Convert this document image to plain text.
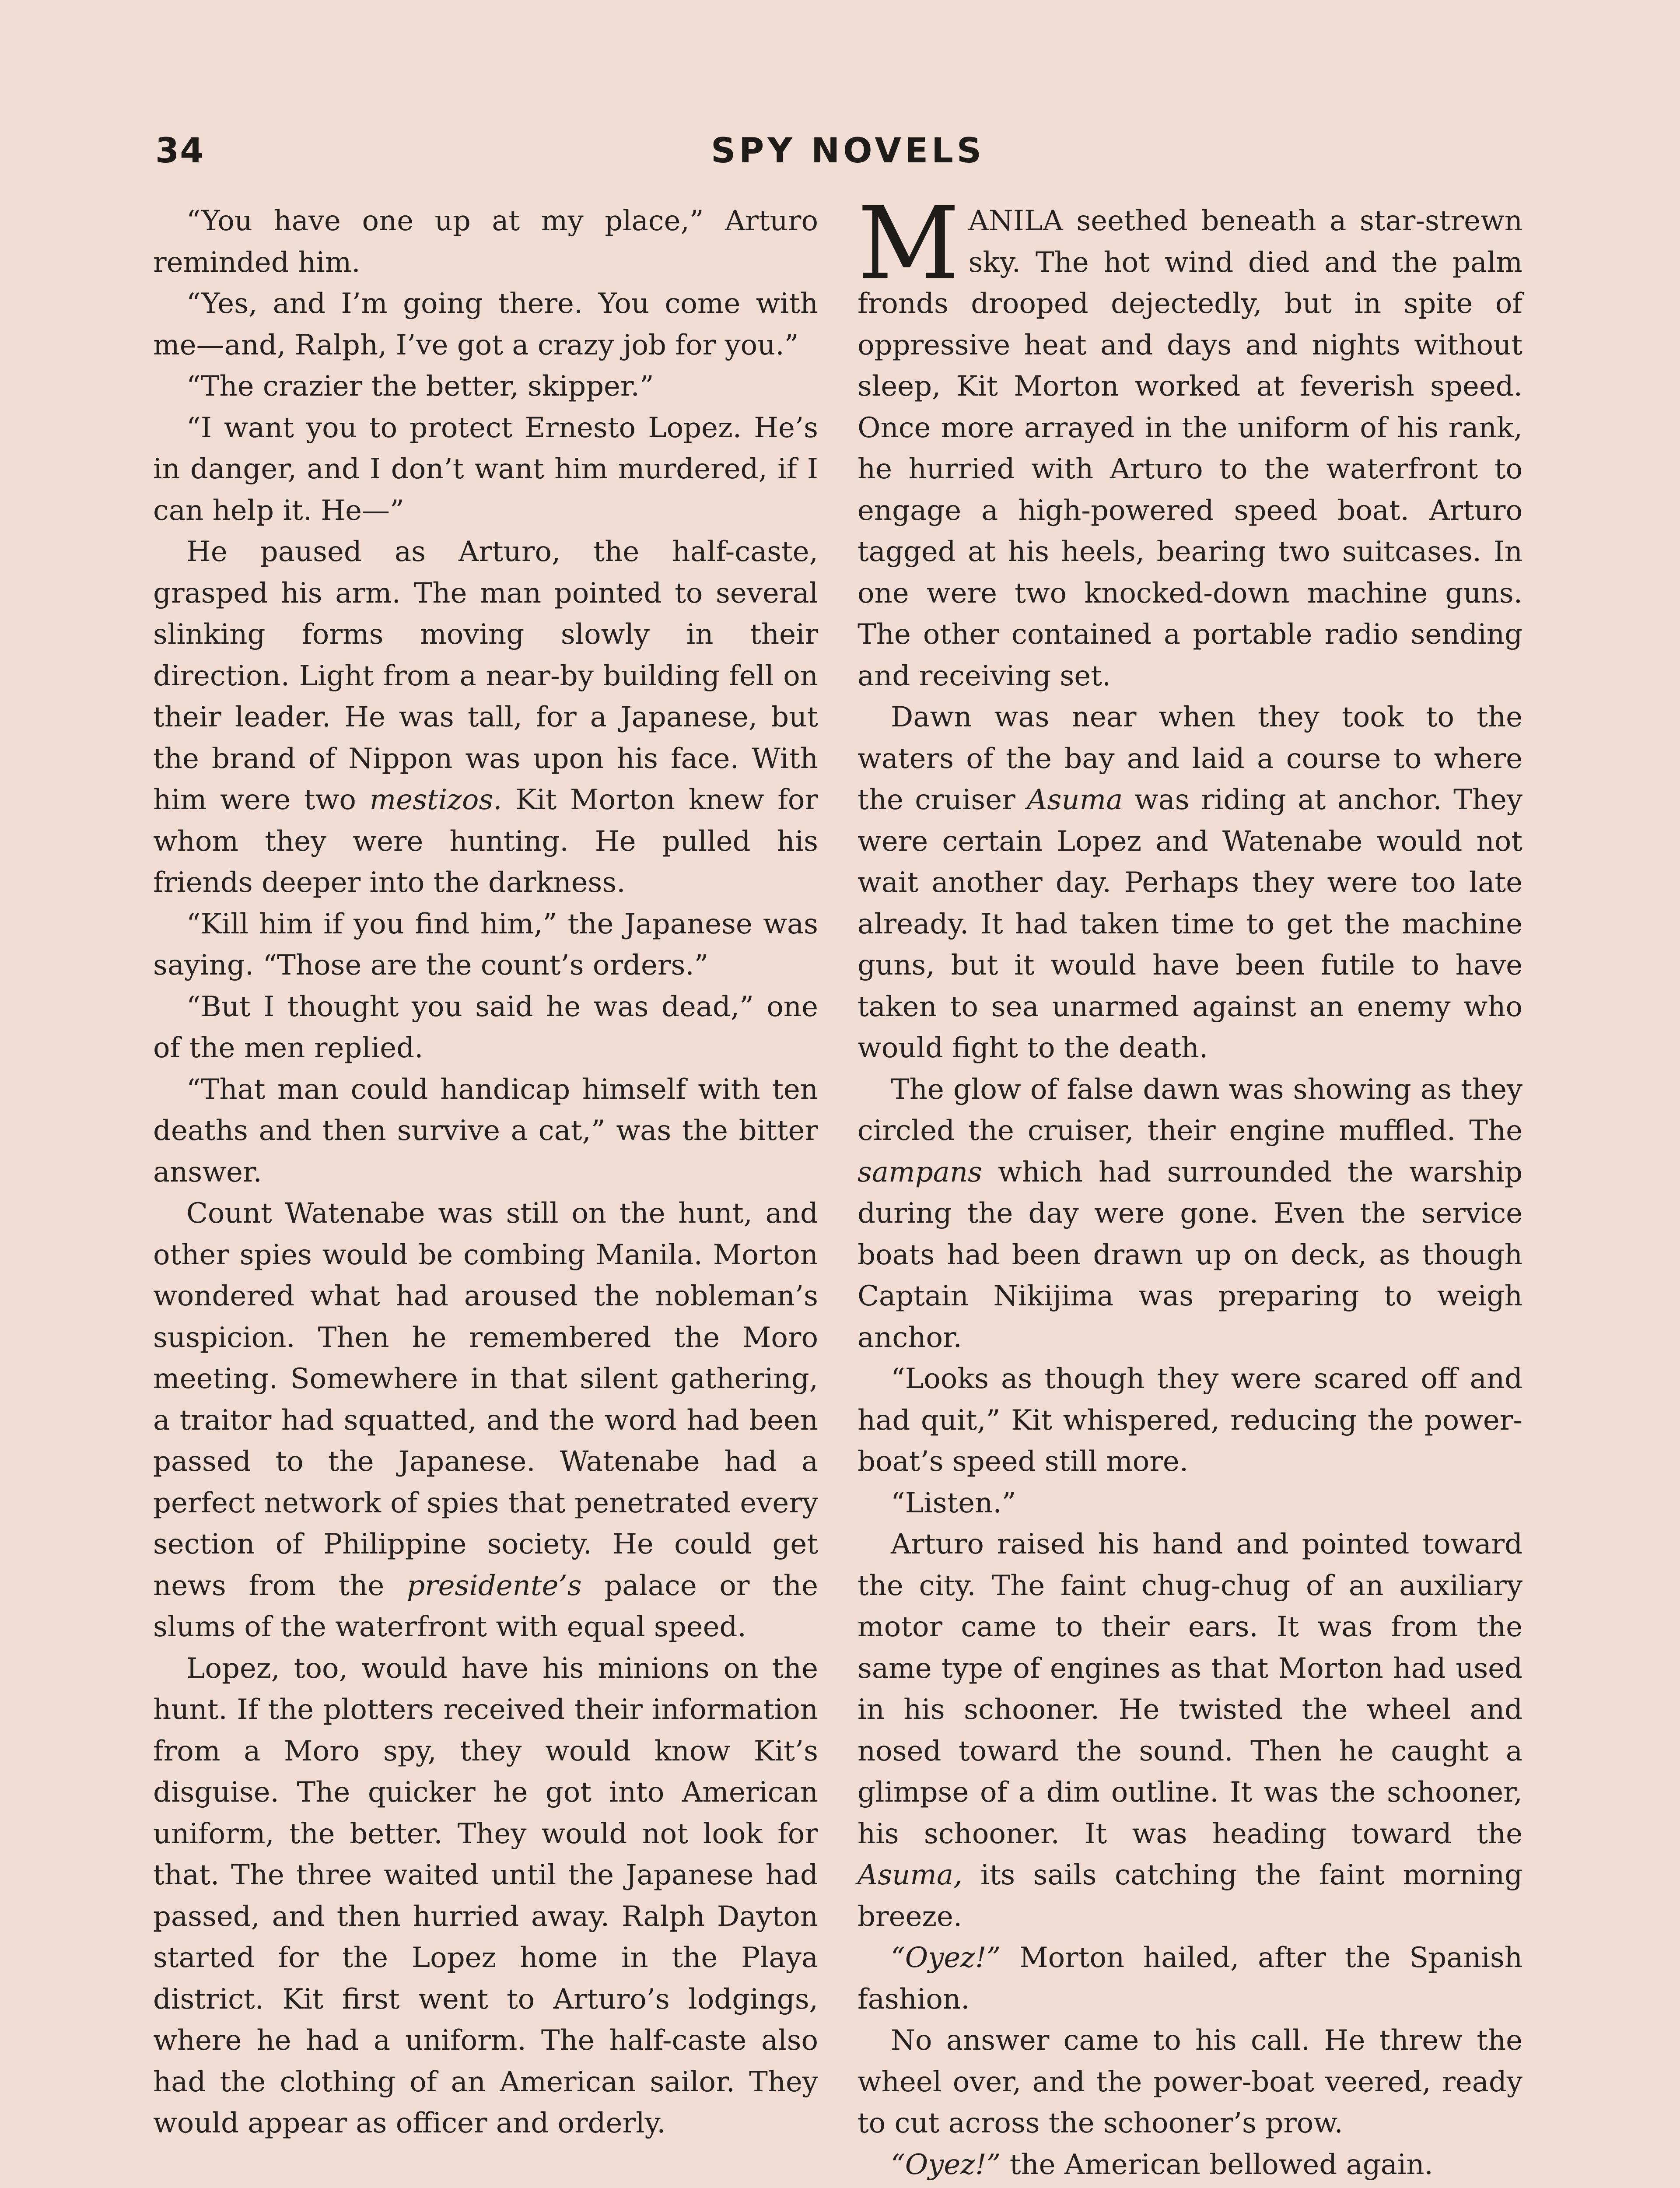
34	SPY NOVELS

“You have one up at my place,” Arturo reminded him.

“Yes, and I’m going there. You come with me—and, Ralph, I’ve got a crazy job for you.”

“The crazier the better, skipper.”

“I want you to protect Ernesto Lopez. He’s in danger, and I don’t want him murdered, if I can help it. He—”

He paused as Arturo, the half-caste, grasped his arm. The man pointed to several slinking forms moving slowly in their direction. Light from a near-by building fell on their leader. He was tall, for a Japanese, but the brand of Nippon was upon his face. With him were two mestizos. Kit Morton knew for whom they were hunting. He pulled his friends deeper into the darkness.

“Kill him if you find him,” the Japanese was saying. “Those are the count’s orders.”

“But I thought you said he was dead,” one of the men replied.

“That man could handicap himself with ten deaths and then survive a cat,” was the bitter answer.

Count Watenabe was still on the hunt, and other spies would be combing Manila. Morton wondered what had aroused the nobleman’s suspicion. Then he remembered the Moro meeting. Somewhere in that silent gathering, a traitor had squatted, and the word had been passed to the Japanese. Watenabe had a perfect network of spies that penetrated every section of Philippine society. He could get news from the presidente’s palace or the slums of the waterfront with equal speed.

Lopez, too, would have his minions on the hunt. If the plotters received their information from a Moro spy, they would know Kit’s disguise. The quicker he got into American uniform, the better. They would not look for that. The three waited until the Japanese had passed, and then hurried away. Ralph Dayton started for the Lopez home in the Playa district. Kit first went to Arturo’s lodgings, where he had a uniform. The half-caste also had the clothing of an American sailor. They would appear as officer and orderly.

MANILA seethed beneath a star-strewn sky. The hot wind died and the palm fronds drooped dejectedly, but in spite of oppressive heat and days and nights without sleep, Kit Morton worked at feverish speed. Once more arrayed in the uniform of his rank, he hurried with Arturo to the waterfront to engage a high-powered speed boat. Arturo tagged at his heels, bearing two suitcases. In one were two knocked-down machine guns. The other contained a portable radio sending and receiving set.

Dawn was near when they took to the waters of the bay and laid a course to where the cruiser Asuma was riding at anchor. They were certain Lopez and Watenabe would not wait another day. Perhaps they were too late already. It had taken time to get the machine guns, but it would have been futile to have taken to sea unarmed against an enemy who would fight to the death.

The glow of false dawn was showing as they circled the cruiser, their engine muffled. The sampans which had surrounded the warship during the day were gone. Even the service boats had been drawn up on deck, as though Captain Nikijima was preparing to weigh anchor.

“Looks as though they were scared off and had quit,” Kit whispered, reducing the power-boat’s speed still more.

“Listen.”

Arturo raised his hand and pointed toward the city. The faint chug-chug of an auxiliary motor came to their ears. It was from the same type of engines as that Morton had used in his schooner. He twisted the wheel and nosed toward the sound. Then he caught a glimpse of a dim outline. It was the schooner, his schooner. It was heading toward the Asuma, its sails catching the faint morning breeze.

“Oyez!” Morton hailed, after the Spanish fashion.

No answer came to his call. He threw the wheel over, and the power-boat veered, ready to cut across the schooner’s prow.

“Oyez!” the American bellowed again.
